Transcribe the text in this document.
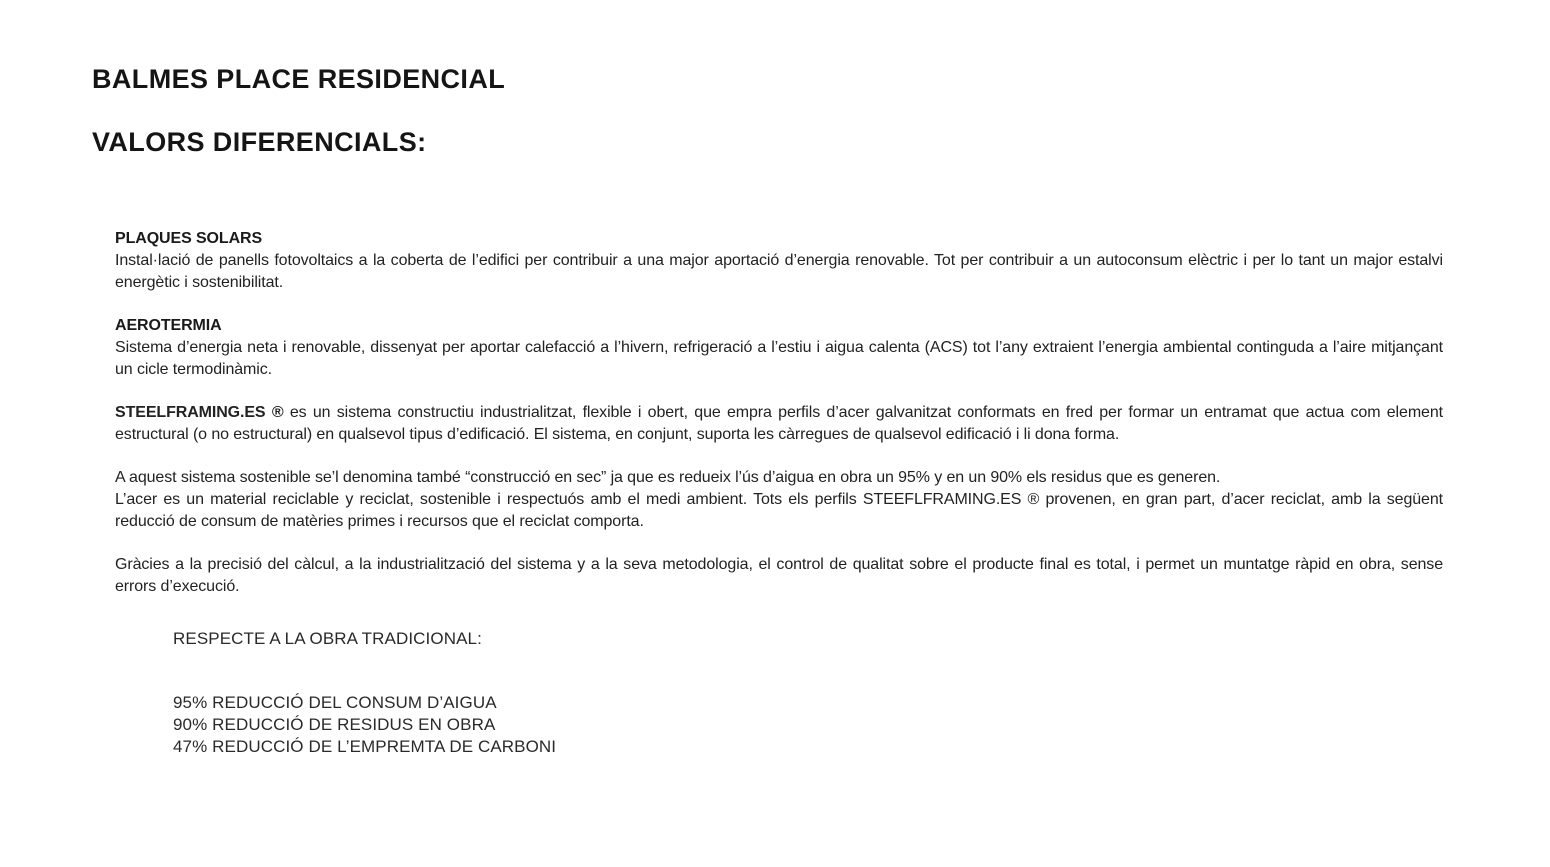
BALMES PLACE RESIDENCIAL
VALORS DIFERENCIALS:

PLAQUES SOLARS

Instal·lació de panells fotovoltaics a la coberta de l’edifici per contribuir a una major aportació d’energia renovable. Tot per contribuir a un autoconsum elèctric i per lo tant un major estalvi energètic i sostenibilitat.

AEROTERMIA

Sistema d’energia neta i renovable, dissenyat per aportar calefacció a l’hivern, refrigeració a l’estiu i aigua calenta (ACS) tot l’any extraient l’energia ambiental continguda a l’aire mitjançant un cicle termodinàmic.

STEELFRAMING.ES ® es un sistema constructiu industrialitzat, flexible i obert, que empra perfils d’acer galvanitzat conformats en fred per formar un entramat que actua com element estructural (o no estructural) en qualsevol tipus d’edificació. El sistema, en conjunt, suporta les càrregues de qualsevol edificació i li dona forma.

A aquest sistema sostenible se’l denomina també “construcció en sec” ja que es redueix l’ús d’aigua en obra un 95% y en un 90% els residus que es generen.

L’acer es un material reciclable y reciclat, sostenible i respectuós amb el medi ambient. Tots els perfils STEEFLFRAMING.ES ® provenen, en gran part, d’acer reciclat, amb la següent reducció de consum de matèries primes i recursos que el reciclat comporta.

Gràcies a la precisió del càlcul, a la industrialització del sistema y a la seva metodologia, el control de qualitat sobre el producte final es total, i permet un muntatge ràpid en obra, sense errors d’execució.

RESPECTE A LA OBRA TRADICIONAL:

95% REDUCCIÓ DEL CONSUM D’AIGUA

90% REDUCCIÓ DE RESIDUS EN OBRA

47% REDUCCIÓ DE L’EMPREMTA DE CARBONI
